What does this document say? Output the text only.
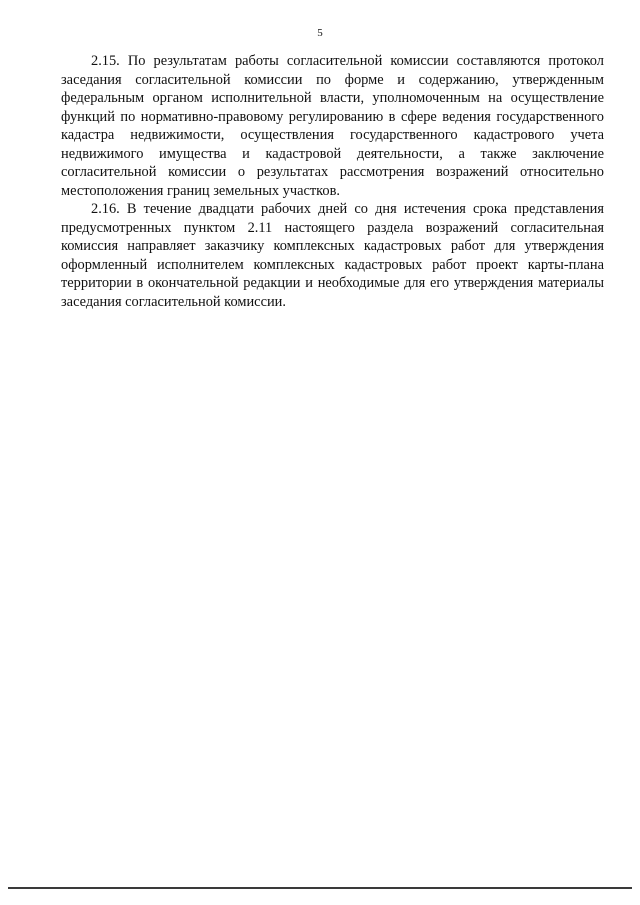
5

2.15. По результатам работы согласительной комиссии составляются протокол заседания согласительной комиссии по форме и содержанию, утвержденным федеральным органом исполнительной власти, уполномоченным на осуществление функций по нормативно-правовому регулированию в сфере ведения государственного кадастра недвижимости, осуществления государственного кадастрового учета недвижимого имущества и кадастровой деятельности, а также заключение согласительной комиссии о результатах рассмотрения возражений относительно местоположения границ земельных участков.

2.16. В течение двадцати рабочих дней со дня истечения срока представления предусмотренных пунктом 2.11 настоящего раздела возражений согласительная комиссия направляет заказчику комплексных кадастровых работ для утверждения оформленный исполнителем комплексных кадастровых работ проект карты-плана территории в окончательной редакции и необходимые для его утверждения материалы заседания согласительной комиссии.
